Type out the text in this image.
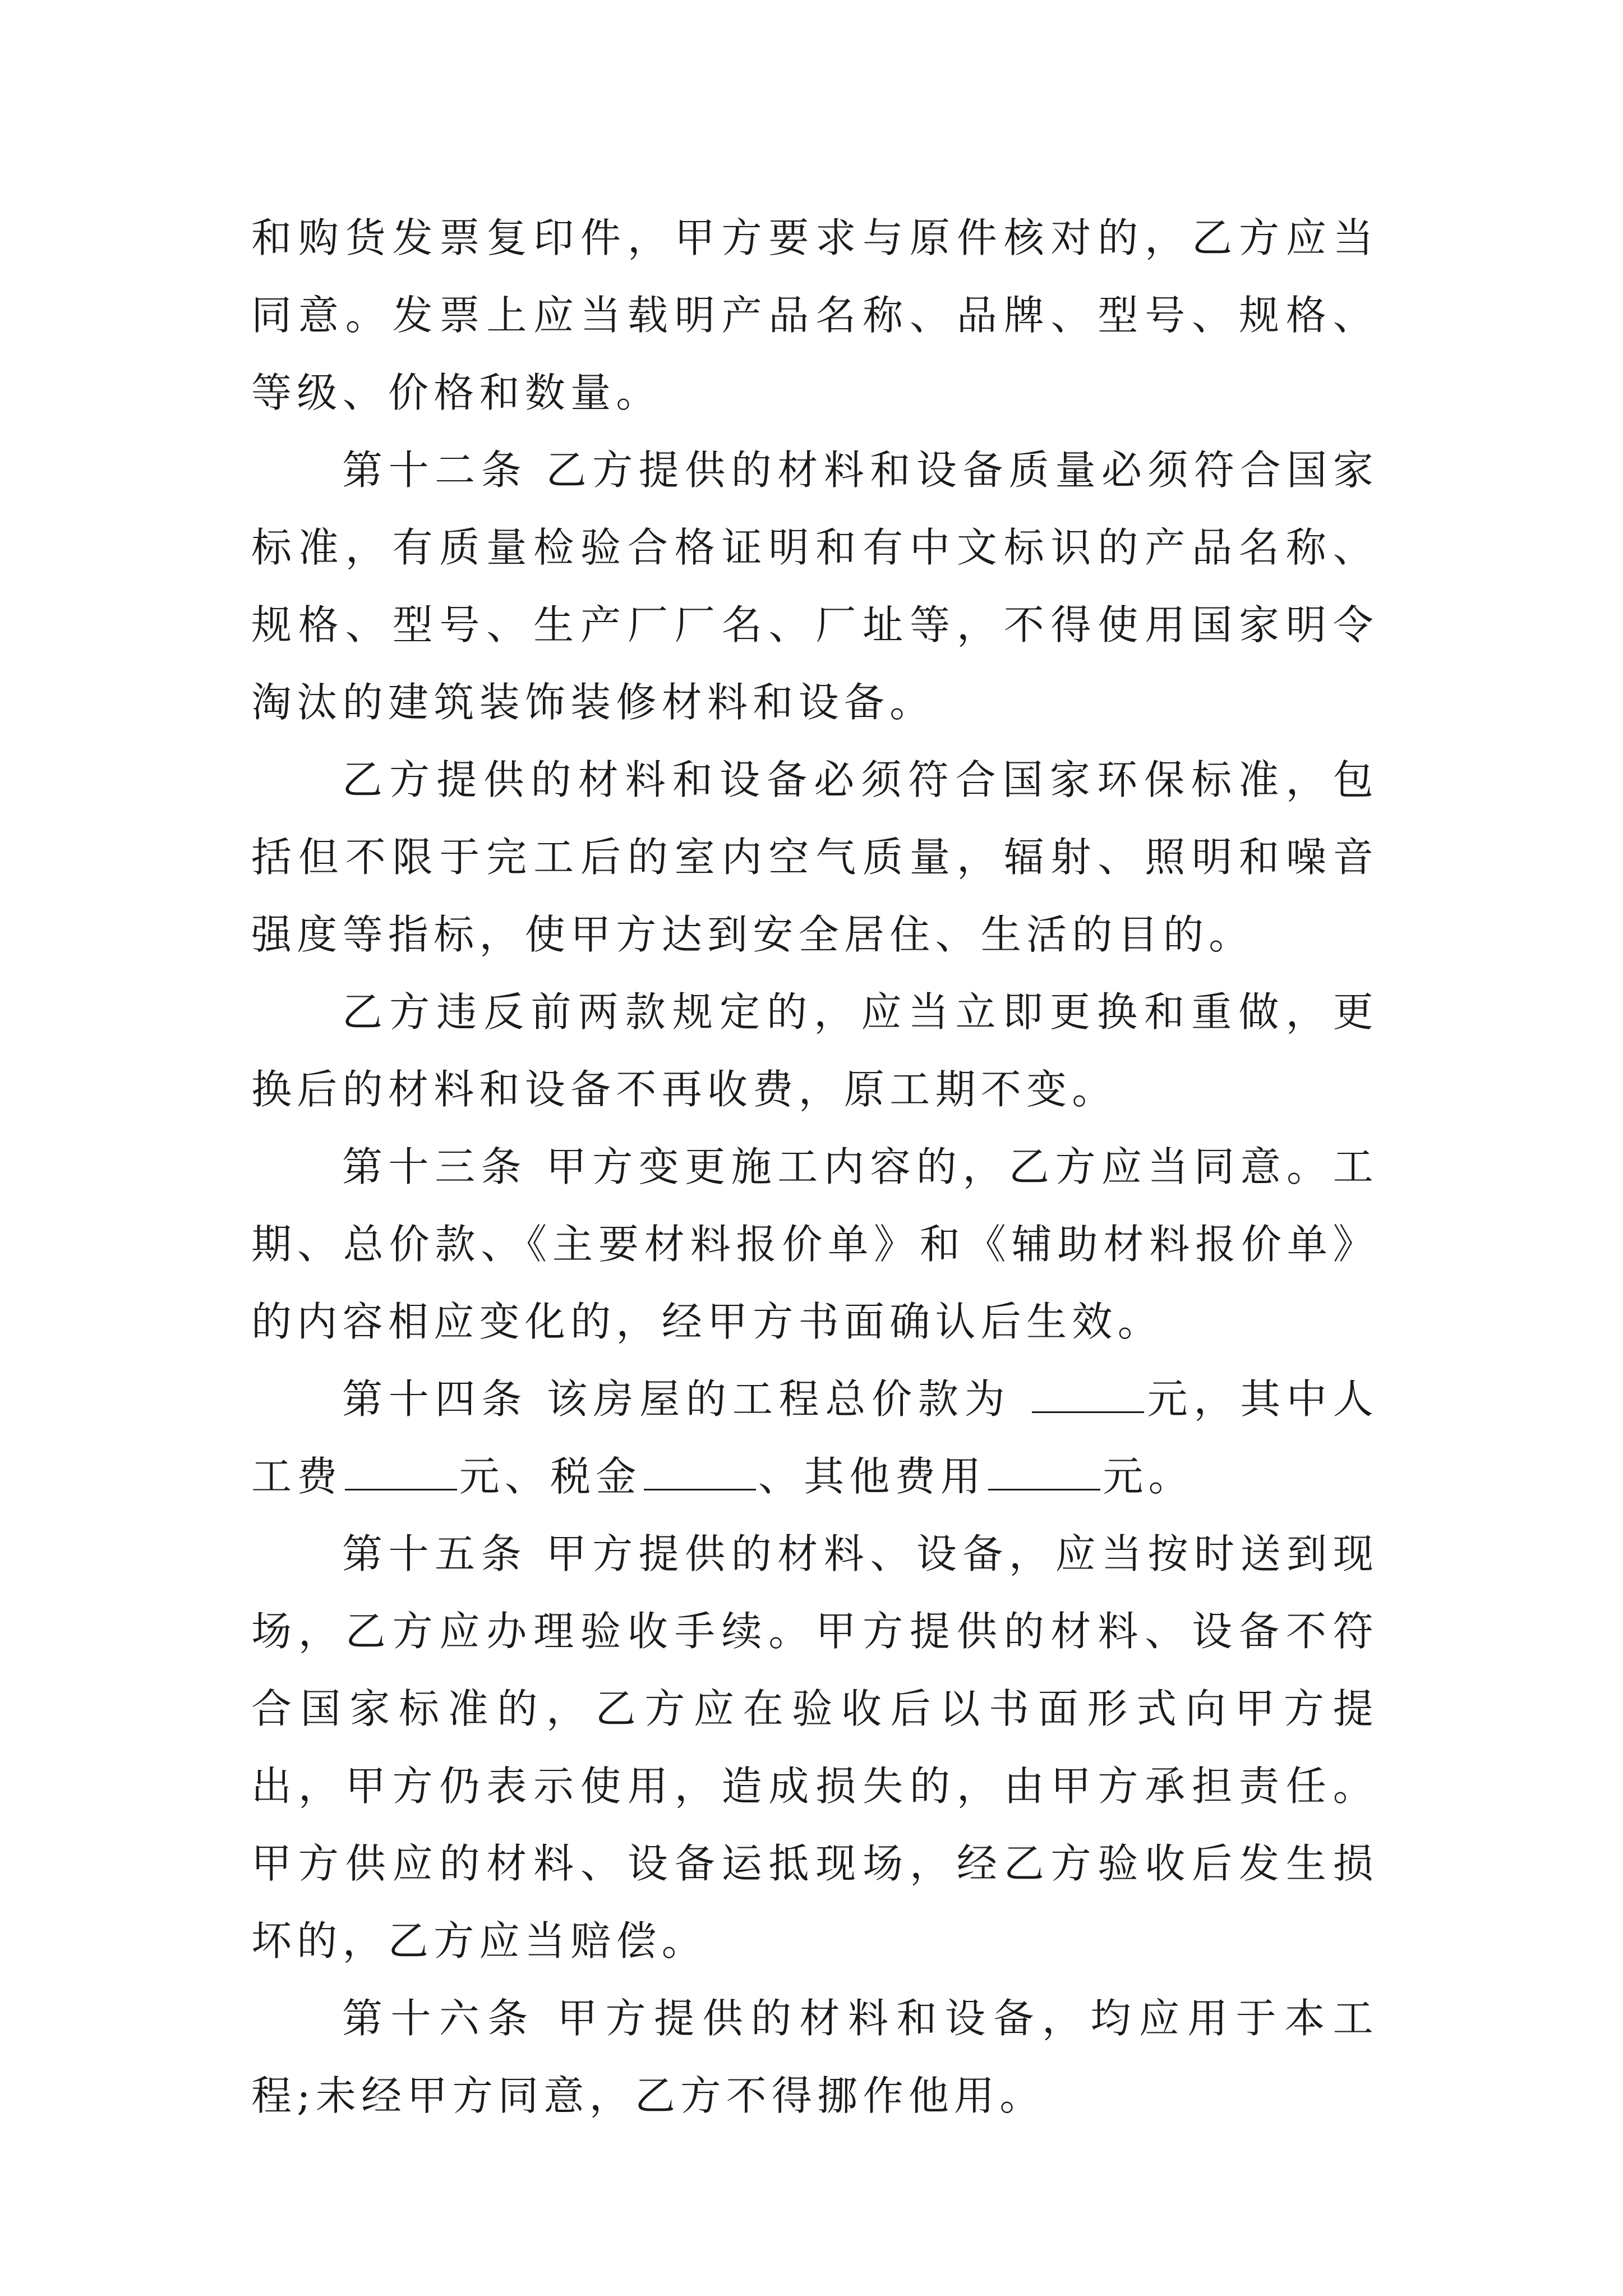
和购货发票复印件，甲方要求与原件核对的，乙方应当同意。发票上应当载明产品名称、品牌、型号、规格、等级、价格和数量。

第十二条 乙方提供的材料和设备质量必须符合国家标准，有质量检验合格证明和有中文标识的产品名称、规格、型号、生产厂厂名、厂址等，不得使用国家明令淘汰的建筑装饰装修材料和设备。

乙方提供的材料和设备必须符合国家环保标准，包括但不限于完工后的室内空气质量，辐射、照明和噪音强度等指标，使甲方达到安全居住、生活的目的。

乙方违反前两款规定的，应当立即更换和重做，更换后的材料和设备不再收费，原工期不变。

第十三条 甲方变更施工内容的，乙方应当同意。工期、总价款、《主要材料报价单》和《辅助材料报价单》的内容相应变化的，经甲方书面确认后生效。

第十四条 该房屋的工程总价款为	元，其中人工费	元、税金	、其他费用	元。

第十五条 甲方提供的材料、设备，应当按时送到现场，乙方应办理验收手续。甲方提供的材料、设备不符合国家标准的，乙方应在验收后以书面形式向甲方提出，甲方仍表示使用，造成损失的，由甲方承担责任。甲方供应的材料、设备运抵现场，经乙方验收后发生损坏的，乙方应当赔偿。

第十六条 甲方提供的材料和设备，均应用于本工程;未经甲方同意，乙方不得挪作他用。
